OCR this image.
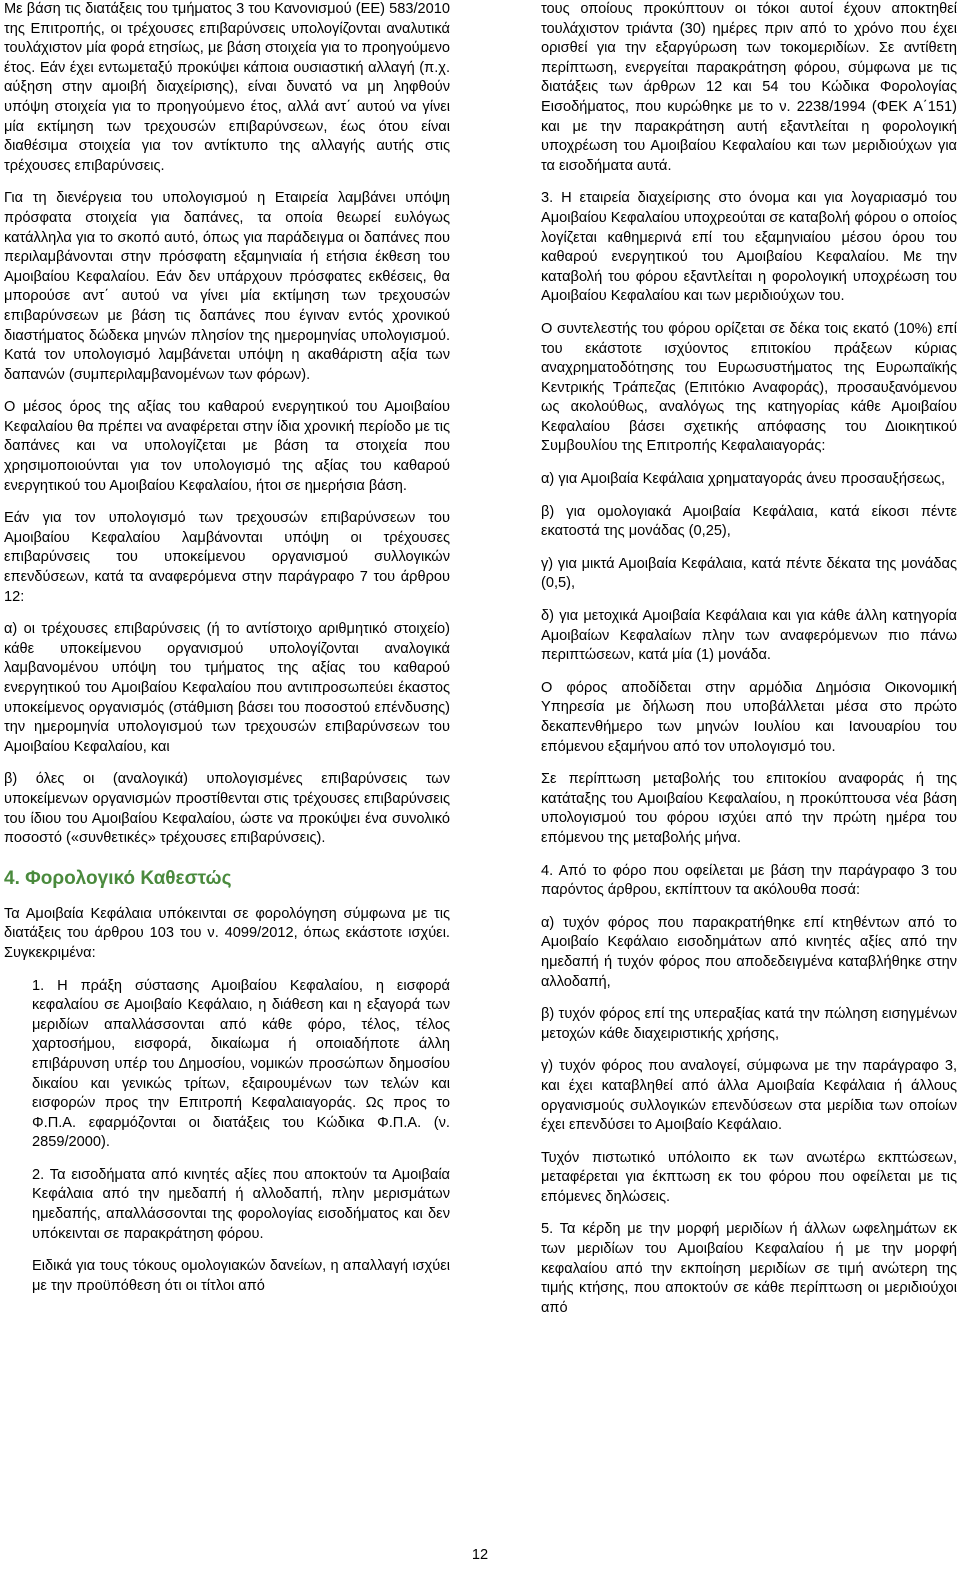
Με βάση τις διατάξεις του τμήματος 3 του Κανονισμού (ΕΕ) 583/2010 της Επιτροπής, οι τρέχουσες επιβαρύνσεις υπολογίζονται αναλυτικά τουλάχιστον μία φορά ετησίως, με βάση στοιχεία για το προηγούμενο έτος. Εάν έχει εντωμεταξύ προκύψει κάποια ουσιαστική αλλαγή (π.χ. αύξηση στην αμοιβή διαχείρισης), είναι δυνατό να μη ληφθούν υπόψη στοιχεία για το προηγούμενο έτος, αλλά αντ΄ αυτού να γίνει μία εκτίμηση των τρεχουσών επιβαρύνσεων, έως ότου είναι διαθέσιμα στοιχεία για τον αντίκτυπο της αλλαγής αυτής στις τρέχουσες επιβαρύνσεις.

Για τη διενέργεια του υπολογισμού η Εταιρεία λαμβάνει υπόψη πρόσφατα στοιχεία για δαπάνες, τα οποία θεωρεί ευλόγως κατάλληλα για το σκοπό αυτό, όπως για παράδειγμα οι δαπάνες που περιλαμβάνονται στην πρόσφατη εξαμηνιαία ή ετήσια έκθεση του Αμοιβαίου Κεφαλαίου. Εάν δεν υπάρχουν πρόσφατες εκθέσεις, θα μπορούσε αντ΄ αυτού να γίνει μία εκτίμηση των τρεχουσών επιβαρύνσεων με βάση τις δαπάνες που έγιναν εντός χρονικού διαστήματος δώδεκα μηνών πλησίον της ημερομηνίας υπολογισμού. Κατά τον υπολογισμό λαμβάνεται υπόψη η ακαθάριστη αξία των δαπανών (συμπεριλαμβανομένων των φόρων).

Ο μέσος όρος της αξίας του καθαρού ενεργητικού του Αμοιβαίου Κεφαλαίου θα πρέπει να αναφέρεται στην ίδια χρονική περίοδο με τις δαπάνες και να υπολογίζεται με βάση τα στοιχεία που χρησιμοποιούνται για τον υπολογισμό της αξίας του καθαρού ενεργητικού του Αμοιβαίου Κεφαλαίου, ήτοι σε ημερήσια βάση.

Εάν για τον υπολογισμό των τρεχουσών επιβαρύνσεων του Αμοιβαίου Κεφαλαίου λαμβάνονται υπόψη οι τρέχουσες επιβαρύνσεις του υποκείμενου οργανισμού συλλογικών επενδύσεων, κατά τα αναφερόμενα στην παράγραφο 7 του άρθρου 12:

α) οι τρέχουσες επιβαρύνσεις (ή το αντίστοιχο αριθμητικό στοιχείο) κάθε υποκείμενου οργανισμού υπολογίζονται αναλογικά λαμβανομένου υπόψη του τμήματος της αξίας του καθαρού ενεργητικού του Αμοιβαίου Κεφαλαίου που αντιπροσωπεύει έκαστος υποκείμενος οργανισμός (στάθμιση βάσει του ποσοστού επένδυσης) την ημερομηνία υπολογισμού των τρεχουσών επιβαρύνσεων του Αμοιβαίου Κεφαλαίου, και

β) όλες οι (αναλογικά) υπολογισμένες επιβαρύνσεις των υποκείμενων οργανισμών προστίθενται στις τρέχουσες επιβαρύνσεις του ίδιου του Αμοιβαίου Κεφαλαίου, ώστε να προκύψει ένα συνολικό ποσοστό («συνθετικές» τρέχουσες επιβαρύνσεις).

4. Φορολογικό Καθεστώς

Τα Αμοιβαία Κεφάλαια υπόκεινται σε φορολόγηση σύμφωνα με τις διατάξεις του άρθρου 103 του ν. 4099/2012, όπως εκάστοτε ισχύει. Συγκεκριμένα:

1. Η πράξη σύστασης Αμοιβαίου Κεφαλαίου, η εισφορά κεφαλαίου σε Αμοιβαίο Κεφάλαιο, η διάθεση και η εξαγορά των μεριδίων απαλλάσσονται από κάθε φόρο, τέλος, τέλος χαρτοσήμου, εισφορά, δικαίωμα ή οποιαδήποτε άλλη επιβάρυνση υπέρ του Δημοσίου, νομικών προσώπων δημοσίου δικαίου και γενικώς τρίτων, εξαιρουμένων των τελών και εισφορών προς την Επιτροπή Κεφαλαιαγοράς. Ως προς το Φ.Π.Α. εφαρμόζονται οι διατάξεις του Κώδικα Φ.Π.Α. (ν. 2859/2000).

2. Τα εισοδήματα από κινητές αξίες που αποκτούν τα Αμοιβαία Κεφάλαια από την ημεδαπή ή αλλοδαπή, πλην μερισμάτων ημεδαπής, απαλλάσσονται της φορολογίας εισοδήματος και δεν υπόκεινται σε παρακράτηση φόρου.

Ειδικά για τους τόκους ομολογιακών δανείων, η απαλλαγή ισχύει με την προϋπόθεση ότι οι τίτλοι από

τους οποίους προκύπτουν οι τόκοι αυτοί έχουν αποκτηθεί τουλάχιστον τριάντα (30) ημέρες πριν από το χρόνο που έχει ορισθεί για την εξαργύρωση των τοκομεριδίων. Σε αντίθετη περίπτωση, ενεργείται παρακράτηση φόρου, σύμφωνα με τις διατάξεις των άρθρων 12 και 54 του Κώδικα Φορολογίας Εισοδήματος, που κυρώθηκε με το ν. 2238/1994 (ΦΕΚ Α΄151) και με την παρακράτηση αυτή εξαντλείται η φορολογική υποχρέωση του Αμοιβαίου Κεφαλαίου και των μεριδιούχων για τα εισοδήματα αυτά.

3. Η εταιρεία διαχείρισης στο όνομα και για λογαριασμό του Αμοιβαίου Κεφαλαίου υποχρεούται σε καταβολή φόρου ο οποίος λογίζεται καθημερινά επί του εξαμηνιαίου μέσου όρου του καθαρού ενεργητικού του Αμοιβαίου Κεφαλαίου. Με την καταβολή του φόρου εξαντλείται η φορολογική υποχρέωση του Αμοιβαίου Κεφαλαίου και των μεριδιούχων του.

Ο συντελεστής του φόρου ορίζεται σε δέκα τοις εκατό (10%) επί του εκάστοτε ισχύοντος επιτοκίου πράξεων κύριας αναχρηματοδότησης του Ευρωσυστήματος της Ευρωπαϊκής Κεντρικής Τράπεζας (Επιτόκιο Αναφοράς), προσαυξανόμενου ως ακολούθως, αναλόγως της κατηγορίας κάθε Αμοιβαίου Κεφαλαίου βάσει σχετικής απόφασης του Διοικητικού Συμβουλίου της Επιτροπής Κεφαλαιαγοράς:

α) για Αμοιβαία Κεφάλαια χρηματαγοράς άνευ προσαυξήσεως,

β) για ομολογιακά Αμοιβαία Κεφάλαια, κατά είκοσι πέντε εκατοστά της μονάδας (0,25),

γ) για μικτά Αμοιβαία Κεφάλαια, κατά πέντε δέκατα της μονάδας (0,5),

δ) για μετοχικά Αμοιβαία Κεφάλαια και για κάθε άλλη κατηγορία Αμοιβαίων Κεφαλαίων πλην των αναφερόμενων πιο πάνω περιπτώσεων, κατά μία (1) μονάδα.

Ο φόρος αποδίδεται στην αρμόδια Δημόσια Οικονομική Υπηρεσία με δήλωση που υποβάλλεται μέσα στο πρώτο δεκαπενθήμερο των μηνών Ιουλίου και Ιανουαρίου του επόμενου εξαμήνου από τον υπολογισμό του.

Σε περίπτωση μεταβολής του επιτοκίου αναφοράς ή της κατάταξης του Αμοιβαίου Κεφαλαίου, η προκύπτουσα νέα βάση υπολογισμού του φόρου ισχύει από την πρώτη ημέρα του επόμενου της μεταβολής μήνα.

4. Από το φόρο που οφείλεται με βάση την παράγραφο 3 του παρόντος άρθρου, εκπίπτουν τα ακόλουθα ποσά:

α) τυχόν φόρος που παρακρατήθηκε επί κτηθέντων από το Αμοιβαίο Κεφάλαιο εισοδημάτων από κινητές αξίες από την ημεδαπή ή τυχόν φόρος που αποδεδειγμένα καταβλήθηκε στην αλλοδαπή,

β) τυχόν φόρος επί της υπεραξίας κατά την πώληση εισηγμένων μετοχών κάθε διαχειριστικής χρήσης,

γ) τυχόν φόρος που αναλογεί, σύμφωνα με την παράγραφο 3, και έχει καταβληθεί από άλλα Αμοιβαία Κεφάλαια ή άλλους οργανισμούς συλλογικών επενδύσεων στα μερίδια των οποίων έχει επενδύσει το Αμοιβαίο Κεφάλαιο.

Τυχόν πιστωτικό υπόλοιπο εκ των ανωτέρω εκπτώσεων, μεταφέρεται για έκπτωση εκ του φόρου που οφείλεται με τις επόμενες δηλώσεις.

5. Τα κέρδη με την μορφή μεριδίων ή άλλων ωφελημάτων εκ των μεριδίων του Αμοιβαίου Κεφαλαίου ή με την μορφή κεφαλαίου από την εκποίηση μεριδίων σε τιμή ανώτερη της τιμής κτήσης, που αποκτούν σε κάθε περίπτωση οι μεριδιούχοι από

12
